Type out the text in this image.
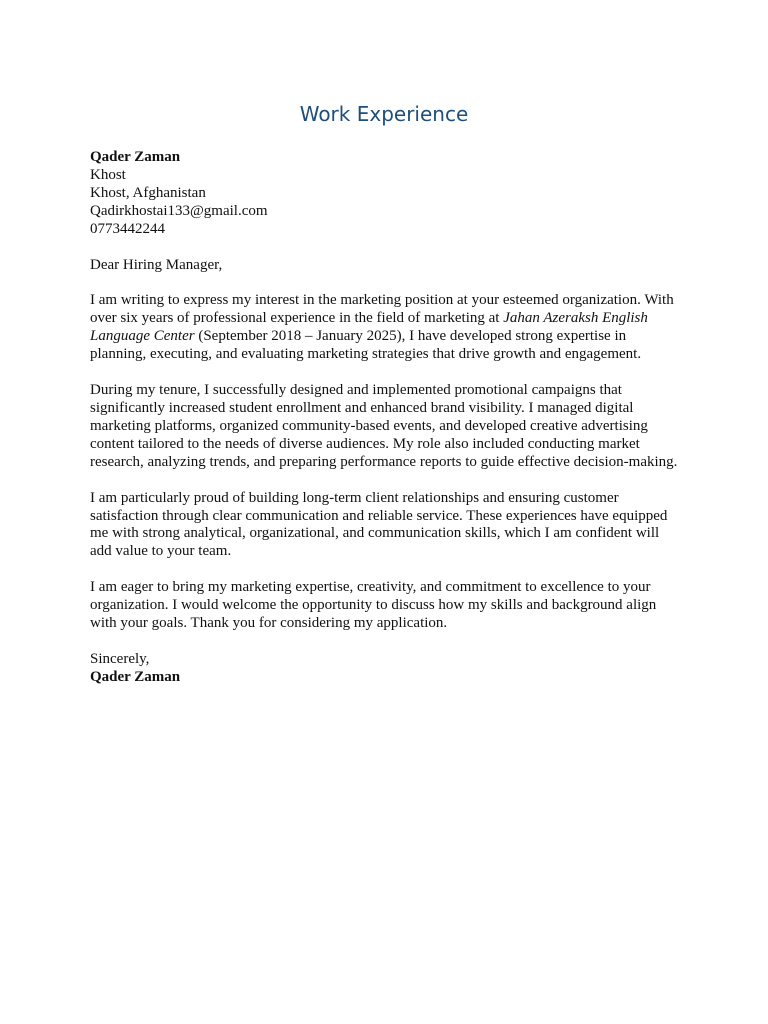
Work Experience
Qader Zaman
Khost
Khost, Afghanistan
Qadirkhostai133@gmail.com
0773442244

Dear Hiring Manager,

I am writing to express my interest in the marketing position at your esteemed organization. With over six years of professional experience in the field of marketing at Jahan Azeraksh English Language Center (September 2018 – January 2025), I have developed strong expertise in planning, executing, and evaluating marketing strategies that drive growth and engagement.

During my tenure, I successfully designed and implemented promotional campaigns that significantly increased student enrollment and enhanced brand visibility. I managed digital marketing platforms, organized community-based events, and developed creative advertising content tailored to the needs of diverse audiences. My role also included conducting market research, analyzing trends, and preparing performance reports to guide effective decision-making.

I am particularly proud of building long-term client relationships and ensuring customer satisfaction through clear communication and reliable service. These experiences have equipped me with strong analytical, organizational, and communication skills, which I am confident will add value to your team.

I am eager to bring my marketing expertise, creativity, and commitment to excellence to your organization. I would welcome the opportunity to discuss how my skills and background align with your goals. Thank you for considering my application.

Sincerely,
Qader Zaman
